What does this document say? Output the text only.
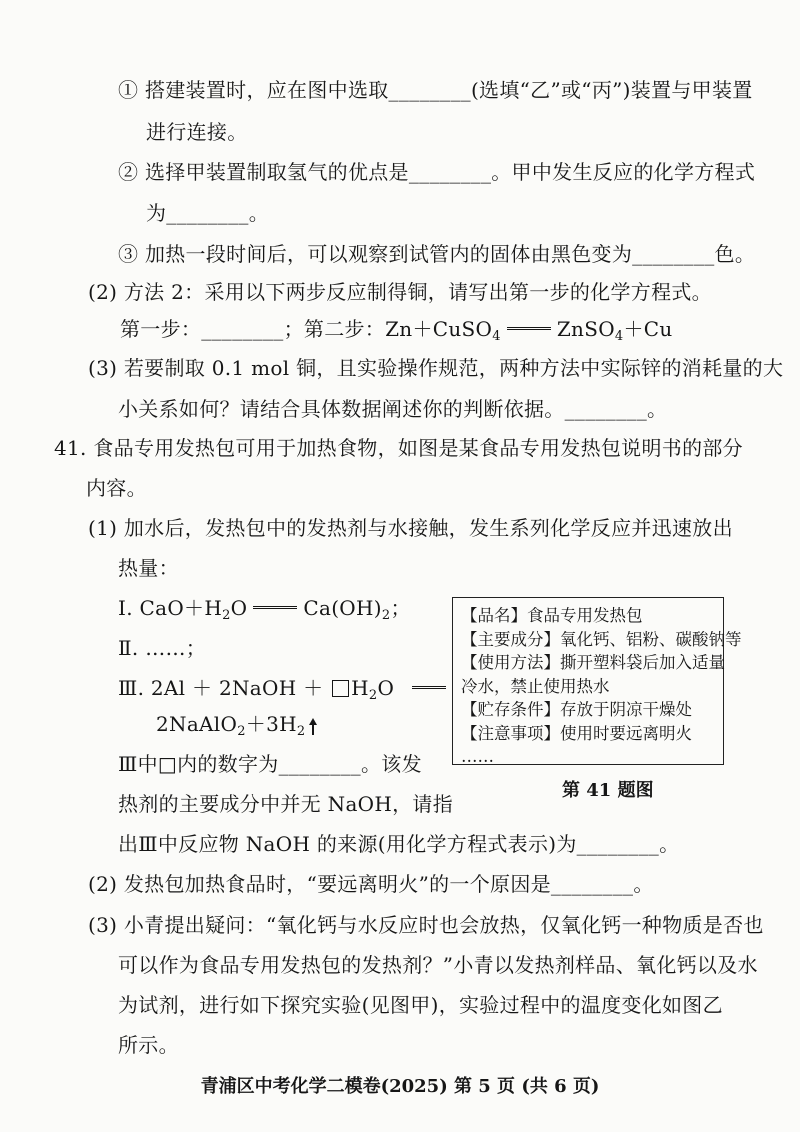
① 搭建装置时，应在图中选取________(选填“乙”或“丙”)装置与甲装置
进行连接。
② 选择甲装置制取氢气的优点是________。甲中发生反应的化学方程式
为________。
③ 加热一段时间后，可以观察到试管内的固体由黑色变为________色。
(2) 方法 2：采用以下两步反应制得铜，请写出第一步的化学方程式。
第一步：________；第二步：Zn＋CuSO$_4$	ZnSO$_4$＋Cu
(3) 若要制取 0.1 mol 铜，且实验操作规范，两种方法中实际锌的消耗量的大
小关系如何？请结合具体数据阐述你的判断依据。________。
41. 食品专用发热包可用于加热食物，如图是某食品专用发热包说明书的部分
内容。
(1) 加水后，发热包中的发热剂与水接触，发生系列化学反应并迅速放出
热量：
Ⅰ. $CaO+H_2O$	$Ca(OH)_2$；
Ⅱ. ……；
Ⅲ. 2Al ＋ 2NaOH ＋ $H_2O$
$2NaAlO_2+3H_2$
Ⅲ中□内的数字为________。该发
热剂的主要成分中并无 NaOH，请指
出Ⅲ中反应物 NaOH 的来源(用化学方程式表示)为________。
【品名】食品专用发热包
【主要成分】氧化钙、铝粉、碳酸钠等
【使用方法】撕开塑料袋后加入适量
冷水，禁止使用热水
【贮存条件】存放于阴凉干燥处
【注意事项】使用时要远离明火
……
第 41 题图
(2) 发热包加热食品时，“要远离明火”的一个原因是________。
(3) 小青提出疑问：“氧化钙与水反应时也会放热，仅氧化钙一种物质是否也
可以作为食品专用发热包的发热剂？”小青以发热剂样品、氧化钙以及水
为试剂，进行如下探究实验(见图甲)，实验过程中的温度变化如图乙
所示。
青浦区中考化学二模卷(2025) 第 5 页 (共 6 页)
